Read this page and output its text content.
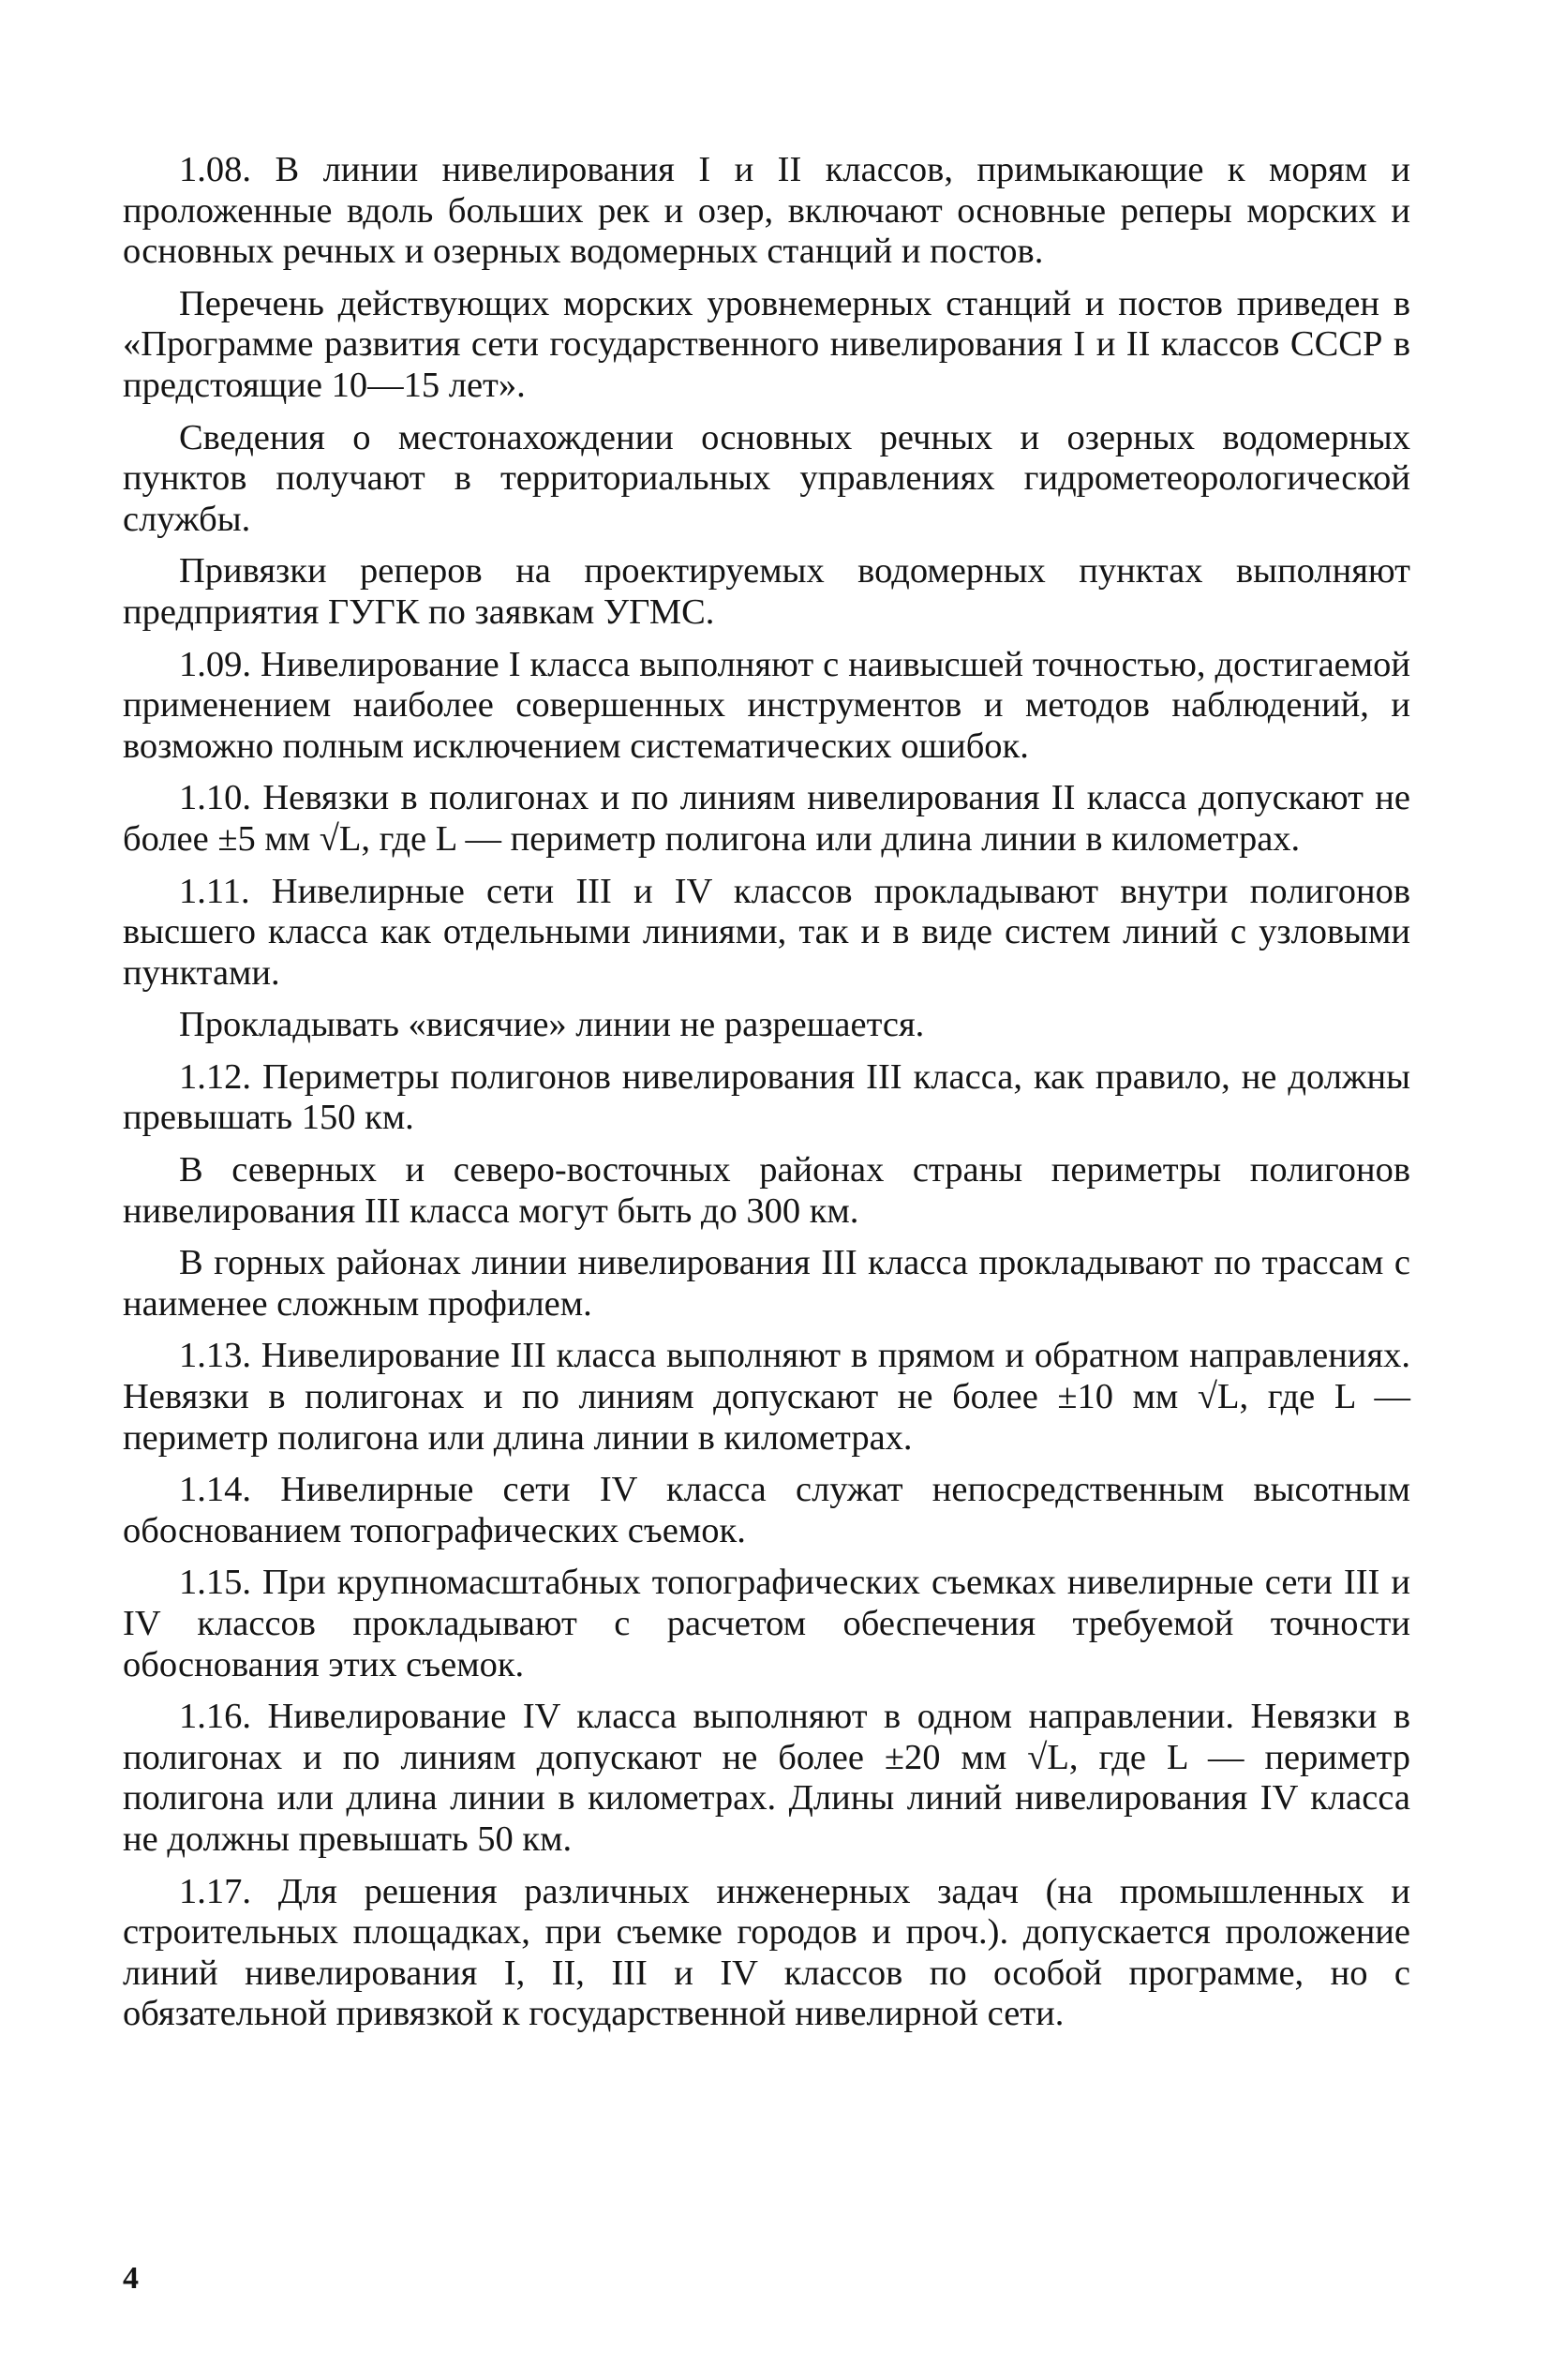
1.08. В линии нивелирования I и II классов, примыкающие к морям и проложенные вдоль больших рек и озер, включают основные реперы морских и основных речных и озерных водомерных станций и постов.

Перечень действующих морских уровнемерных станций и постов приведен в «Программе развития сети государственного нивелирования I и II классов СССР в предстоящие 10—15 лет».

Сведения о местонахождении основных речных и озерных водомерных пунктов получают в территориальных управлениях гидрометеорологической службы.

Привязки реперов на проектируемых водомерных пунктах выполняют предприятия ГУГК по заявкам УГМС.

1.09. Нивелирование I класса выполняют с наивысшей точностью, достигаемой применением наиболее совершенных инструментов и методов наблюдений, и возможно полным исключением систематических ошибок.

1.10. Невязки в полигонах и по линиям нивелирования II класса допускают не более ±5 мм √L, где L — периметр полигона или длина линии в километрах.

1.11. Нивелирные сети III и IV классов прокладывают внутри полигонов высшего класса как отдельными линиями, так и в виде систем линий с узловыми пунктами.

Прокладывать «висячие» линии не разрешается.

1.12. Периметры полигонов нивелирования III класса, как правило, не должны превышать 150 км.

В северных и северо-восточных районах страны периметры полигонов нивелирования III класса могут быть до 300 км.

В горных районах линии нивелирования III класса прокладывают по трассам с наименее сложным профилем.

1.13. Нивелирование III класса выполняют в прямом и обратном направлениях. Невязки в полигонах и по линиям допускают не более ±10 мм √L, где L — периметр полигона или длина линии в километрах.

1.14. Нивелирные сети IV класса служат непосредственным высотным обоснованием топографических съемок.

1.15. При крупномасштабных топографических съемках нивелирные сети III и IV классов прокладывают с расчетом обеспечения требуемой точности обоснования этих съемок.

1.16. Нивелирование IV класса выполняют в одном направлении. Невязки в полигонах и по линиям допускают не более ±20 мм √L, где L — периметр полигона или длина линии в километрах. Длины линий нивелирования IV класса не должны превышать 50 км.

1.17. Для решения различных инженерных задач (на промышленных и строительных площадках, при съемке городов и проч.). допускается проложение линий нивелирования I, II, III и IV классов по особой программе, но с обязательной привязкой к государственной нивелирной сети.

4
